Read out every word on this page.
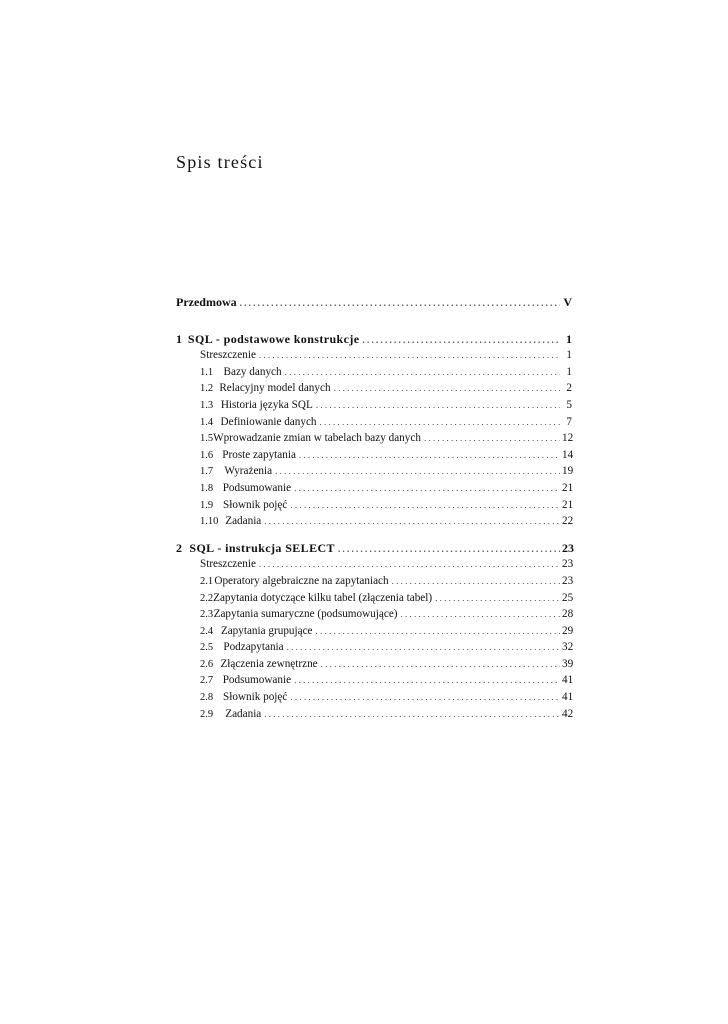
Spis treści
Przedmowa . . .	V
1 SQL - podstawowe konstrukcje . . .	1
Streszczenie . . .	1
1.1 Bazy danych . . .	1
1.2 Relacyjny model danych . . .	2
1.3 Historia języka SQL . . .	5
1.4 Definiowanie danych . . .	7
1.5 Wprowadzanie zmian w tabelach bazy danych . . .	12
1.6 Proste zapytania . . .	14
1.7	Wyrażenia . . .	19
1.8 Podsumowanie . . .	21
1.9 Słownik pojęć . . .	21
1.10 Zadania . . .	22
2 SQL - instrukcja SELECT . . .	23
Streszczenie . . .	23
2.1 Operatory algebraiczne na zapytaniach . . .	23
2.2 Zapytania dotyczące kilku tabel (złączenia tabel) . . .	25
2.3 Zapytania sumaryczne (podsumowujące) . . .	28
2.4 Zapytania grupujące . . .	29
2.5 Podzapytania . . .	32
2.6 Złączenia zewnętrzne . . .	39
2.7 Podsumowanie . . .	41
2.8 Słownik pojęć . . .	41
2.9	Zadania . . .	42
